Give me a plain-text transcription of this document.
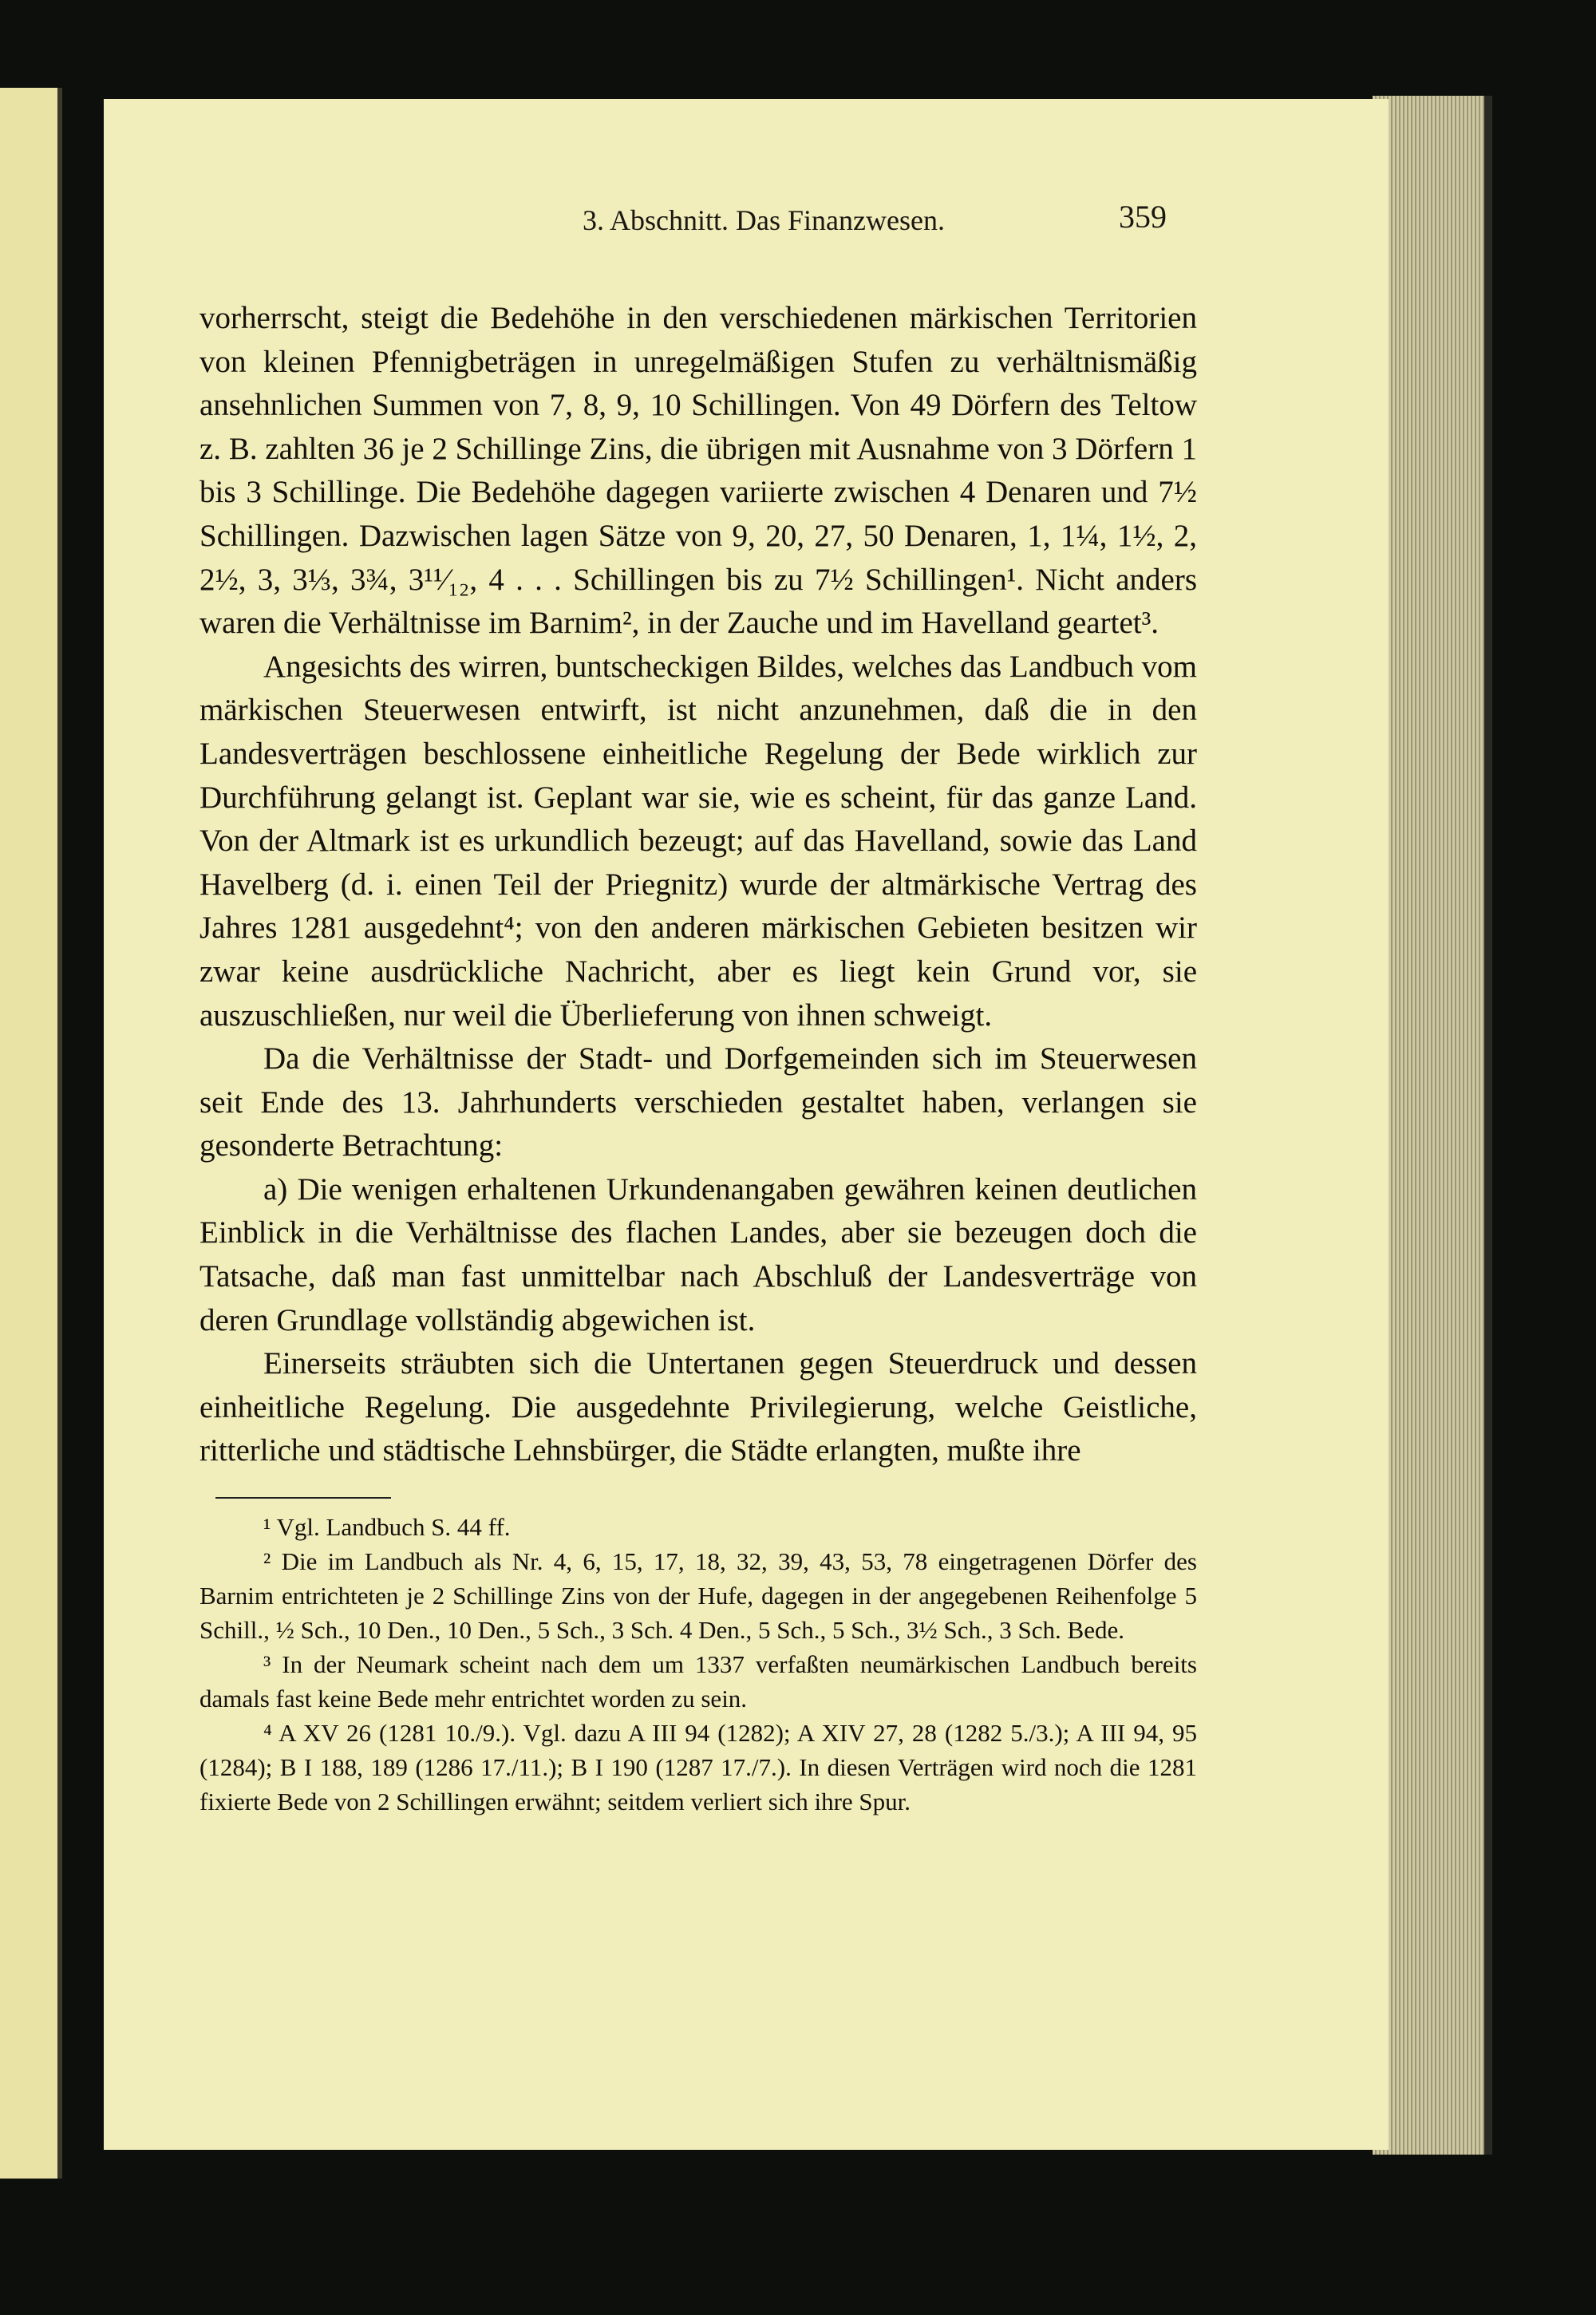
3. Abschnitt. Das Finanzwesen.	359

vorherrscht, steigt die Bedehöhe in den verschiedenen märkischen Territorien von kleinen Pfennigbeträgen in unregelmäßigen Stufen zu verhältnismäßig ansehnlichen Summen von 7, 8, 9, 10 Schillingen. Von 49 Dörfern des Teltow z. B. zahlten 36 je 2 Schillinge Zins, die übrigen mit Ausnahme von 3 Dörfern 1 bis 3 Schillinge. Die Bedehöhe dagegen variierte zwischen 4 Denaren und 7½ Schillingen. Dazwischen lagen Sätze von 9, 20, 27, 50 Denaren, 1, 1¼, 1½, 2, 2½, 3, 3⅓, 3¾, 3¹¹⁄₁₂, 4 . . . Schillingen bis zu 7½ Schillingen¹. Nicht anders waren die Verhältnisse im Barnim², in der Zauche und im Havelland geartet³.

Angesichts des wirren, buntscheckigen Bildes, welches das Landbuch vom märkischen Steuerwesen entwirft, ist nicht anzunehmen, daß die in den Landesverträgen beschlossene einheitliche Regelung der Bede wirklich zur Durchführung gelangt ist. Geplant war sie, wie es scheint, für das ganze Land. Von der Altmark ist es urkundlich bezeugt; auf das Havelland, sowie das Land Havelberg (d. i. einen Teil der Priegnitz) wurde der altmärkische Vertrag des Jahres 1281 ausgedehnt⁴; von den anderen märkischen Gebieten besitzen wir zwar keine ausdrückliche Nachricht, aber es liegt kein Grund vor, sie auszuschließen, nur weil die Überlieferung von ihnen schweigt.

Da die Verhältnisse der Stadt- und Dorfgemeinden sich im Steuerwesen seit Ende des 13. Jahrhunderts verschieden gestaltet haben, verlangen sie gesonderte Betrachtung:

a) Die wenigen erhaltenen Urkundenangaben gewähren keinen deutlichen Einblick in die Verhältnisse des flachen Landes, aber sie bezeugen doch die Tatsache, daß man fast unmittelbar nach Abschluß der Landesverträge von deren Grundlage vollständig abgewichen ist.

Einerseits sträubten sich die Untertanen gegen Steuerdruck und dessen einheitliche Regelung. Die ausgedehnte Privilegierung, welche Geistliche, ritterliche und städtische Lehnsbürger, die Städte erlangten, mußte ihre

¹ Vgl. Landbuch S. 44 ff.

² Die im Landbuch als Nr. 4, 6, 15, 17, 18, 32, 39, 43, 53, 78 eingetragenen Dörfer des Barnim entrichteten je 2 Schillinge Zins von der Hufe, dagegen in der angegebenen Reihenfolge 5 Schill., ½ Sch., 10 Den., 10 Den., 5 Sch., 3 Sch. 4 Den., 5 Sch., 5 Sch., 3½ Sch., 3 Sch. Bede.

³ In der Neumark scheint nach dem um 1337 verfaßten neumärkischen Landbuch bereits damals fast keine Bede mehr entrichtet worden zu sein.

⁴ A XV 26 (1281 10./9.). Vgl. dazu A III 94 (1282); A XIV 27, 28 (1282 5./3.); A III 94, 95 (1284); B I 188, 189 (1286 17./11.); B I 190 (1287 17./7.). In diesen Verträgen wird noch die 1281 fixierte Bede von 2 Schillingen erwähnt; seitdem verliert sich ihre Spur.
